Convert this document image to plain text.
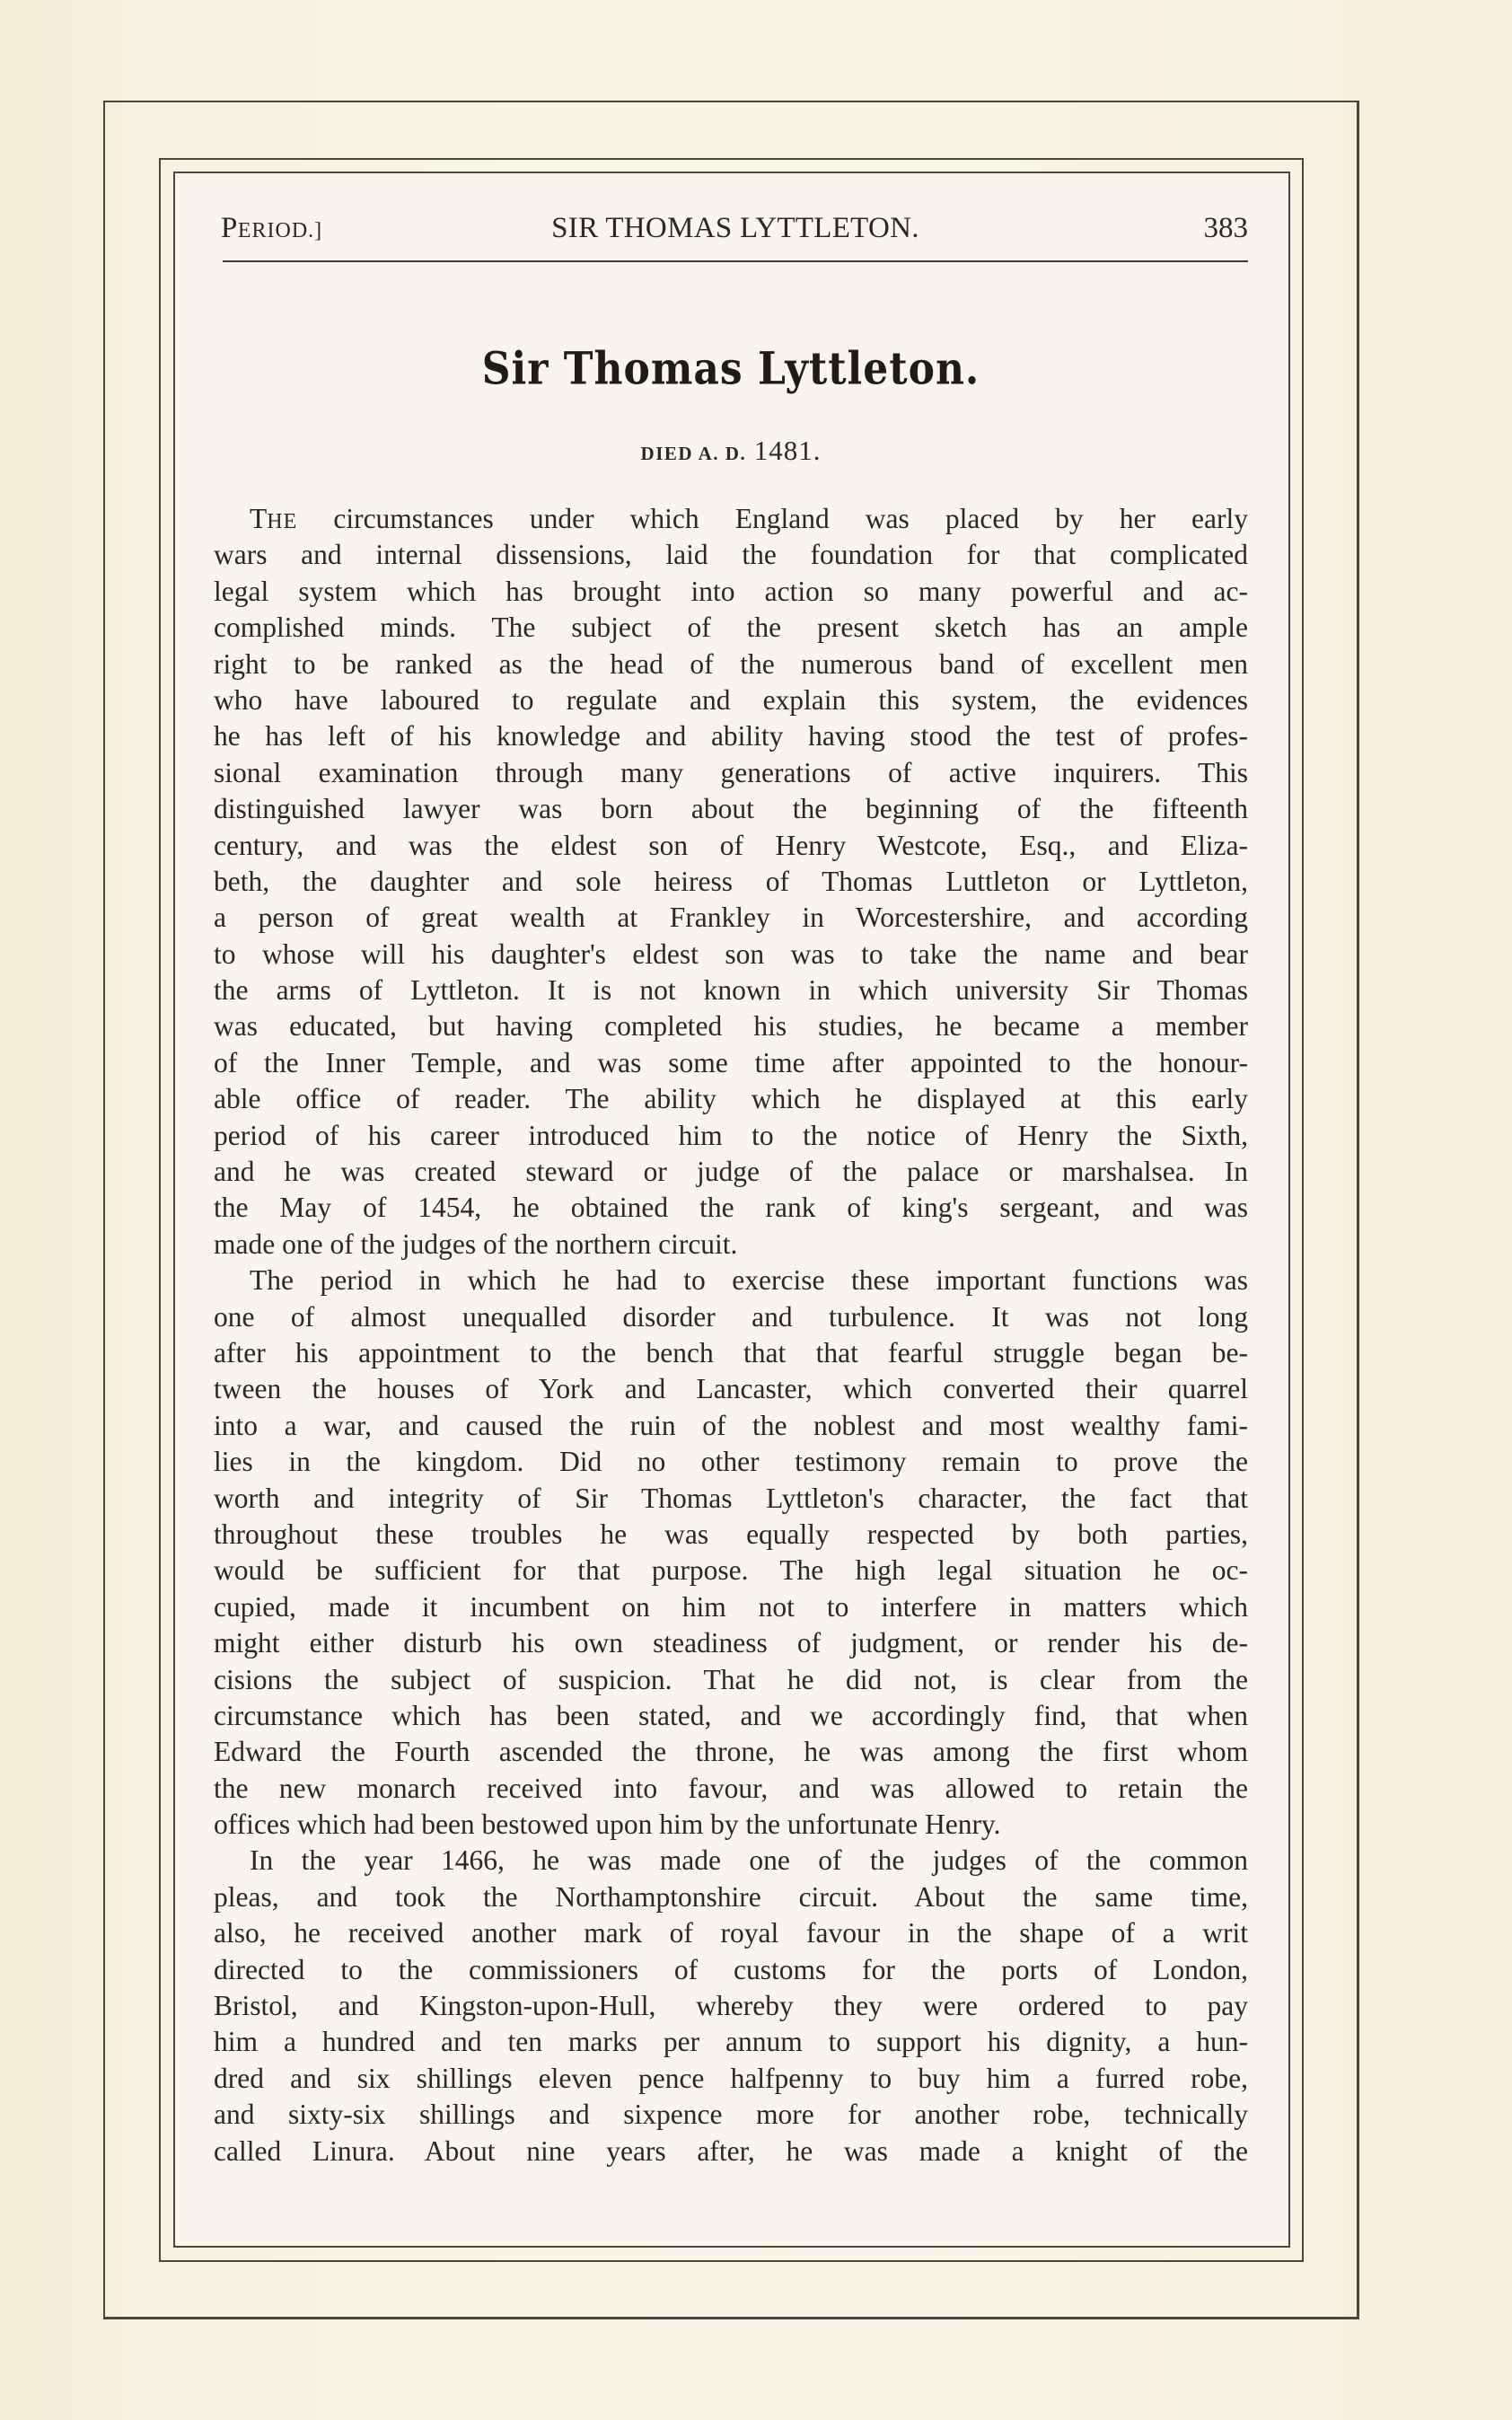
PERIOD.]	SIR THOMAS LYTTLETON.	383
Sir Thomas Lyttleton.
DIED A. D. 1481.
THE circumstances under which England was placed by her early
wars and internal dissensions, laid the foundation for that complicated
legal system which has brought into action so many powerful and ac-
complished minds. The subject of the present sketch has an ample
right to be ranked as the head of the numerous band of excellent men
who have laboured to regulate and explain this system, the evidences
he has left of his knowledge and ability having stood the test of profes-
sional examination through many generations of active inquirers. This
distinguished lawyer was born about the beginning of the fifteenth
century, and was the eldest son of Henry Westcote, Esq., and Eliza-
beth, the daughter and sole heiress of Thomas Luttleton or Lyttleton,
a person of great wealth at Frankley in Worcestershire, and according
to whose will his daughter's eldest son was to take the name and bear
the arms of Lyttleton. It is not known in which university Sir Thomas
was educated, but having completed his studies, he became a member
of the Inner Temple, and was some time after appointed to the honour-
able office of reader. The ability which he displayed at this early
period of his career introduced him to the notice of Henry the Sixth,
and he was created steward or judge of the palace or marshalsea. In
the May of 1454, he obtained the rank of king's sergeant, and was
made one of the judges of the northern circuit.
The period in which he had to exercise these important functions was
one of almost unequalled disorder and turbulence. It was not long
after his appointment to the bench that that fearful struggle began be-
tween the houses of York and Lancaster, which converted their quarrel
into a war, and caused the ruin of the noblest and most wealthy fami-
lies in the kingdom. Did no other testimony remain to prove the
worth and integrity of Sir Thomas Lyttleton's character, the fact that
throughout these troubles he was equally respected by both parties,
would be sufficient for that purpose. The high legal situation he oc-
cupied, made it incumbent on him not to interfere in matters which
might either disturb his own steadiness of judgment, or render his de-
cisions the subject of suspicion. That he did not, is clear from the
circumstance which has been stated, and we accordingly find, that when
Edward the Fourth ascended the throne, he was among the first whom
the new monarch received into favour, and was allowed to retain the
offices which had been bestowed upon him by the unfortunate Henry.
In the year 1466, he was made one of the judges of the common
pleas, and took the Northamptonshire circuit. About the same time,
also, he received another mark of royal favour in the shape of a writ
directed to the commissioners of customs for the ports of London,
Bristol, and Kingston-upon-Hull, whereby they were ordered to pay
him a hundred and ten marks per annum to support his dignity, a hun-
dred and six shillings eleven pence halfpenny to buy him a furred robe,
and sixty-six shillings and sixpence more for another robe, technically
called Linura. About nine years after, he was made a knight of the
